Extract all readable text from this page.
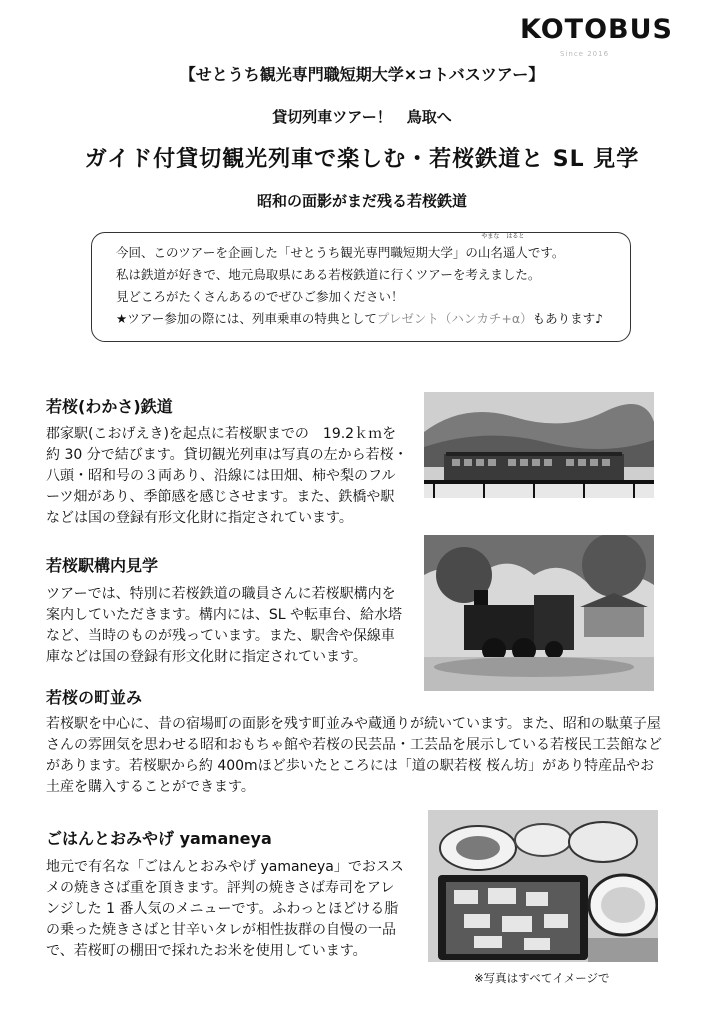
KOTOBUS
Since 2016
【せとうち観光専門職短期大学×コトバスツアー】
貸切列車ツアー！　鳥取へ
ガイド付貸切観光列車で楽しむ・若桜鉄道と SL 見学
昭和の面影がまだ残る若桜鉄道

今回、このツアーを企画した「せとうち観光専門職短期大学」の山名
やまな
遥人
はると
です。

私は鉄道が好きで、地元鳥取県にある若桜鉄道に行くツアーを考えました。

見どころがたくさんあるのでぜひご参加ください！

★ツアー参加の際には、列車乗車の特典としてプレゼント（ハンカチ+α）もあります♪

若桜(わかさ)鉄道

郡家駅(こおげえき)を起点に若桜駅までの　19.2ｋｍを

約 30 分で結びます。貸切観光列車は写真の左から若桜・

八頭・昭和号の３両あり、沿線には田畑、柿や梨のフル

ーツ畑があり、季節感を感じさせます。また、鉄橋や駅

などは国の登録有形文化財に指定されています。

若桜駅構内見学

ツアーでは、特別に若桜鉄道の職員さんに若桜駅構内を

案内していただきます。構内には、SL や転車台、給水塔

など、当時のものが残っています。また、駅舎や保線車

庫などは国の登録有形文化財に指定されています。

若桜の町並み

若桜駅を中心に、昔の宿場町の面影を残す町並みや蔵通りが続いています。また、昭和の駄菓子屋

さんの雰囲気を思わせる昭和おもちゃ館や若桜の民芸品・工芸品を展示している若桜民工芸館など

があります。若桜駅から約 400mほど歩いたところには「道の駅若桜 桜ん坊」があり特産品やお

土産を購入することができます。

ごはんとおみやげ yamaneya

地元で有名な「ごはんとおみやげ yamaneya」でおスス

メの焼きさば重を頂きます。評判の焼きさば寿司をアレ

ンジした 1 番人気のメニューです。ふわっとほどける脂

の乗った焼きさばと甘辛いタレが相性抜群の自慢の一品

で、若桜町の棚田で採れたお米を使用しています。

※写真はすべてイメージで
